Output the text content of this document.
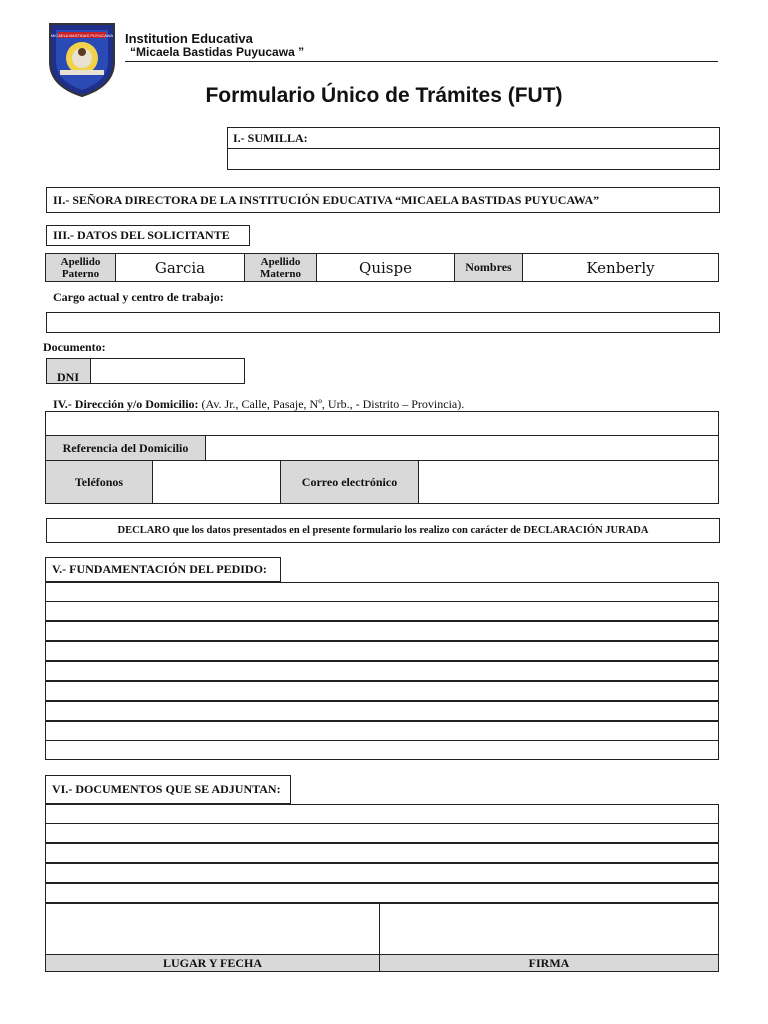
MICAELA BASTIDAS PUYUCAWA Institution Educativa
“Micaela Bastidas Puyucawa ”
Formulario Único de Trámites (FUT)
I.- SUMILLA:
II.- SEÑORA DIRECTORA DE LA INSTITUCIÓN EDUCATIVA “MICAELA BASTIDAS PUYUCAWA”
III.- DATOS DEL SOLICITANTE
Apellido Paterno	Garcia	Apellido Materno	Quispe	Nombres	Kenberly
Cargo actual y centro de trabajo:
Documento:
DNI
IV.- Dirección y/o Domicilio: (Av. Jr., Calle, Pasaje, Nº, Urb., - Distrito – Provincia).
Referencia del Domicilio
Teléfonos	Correo electrónico
DECLARO que los datos presentados en el presente formulario los realizo con carácter de DECLARACIÓN JURADA
V.- FUNDAMENTACIÓN DEL PEDIDO:
VI.- DOCUMENTOS QUE SE ADJUNTAN:
LUGAR Y FECHA	FIRMA
